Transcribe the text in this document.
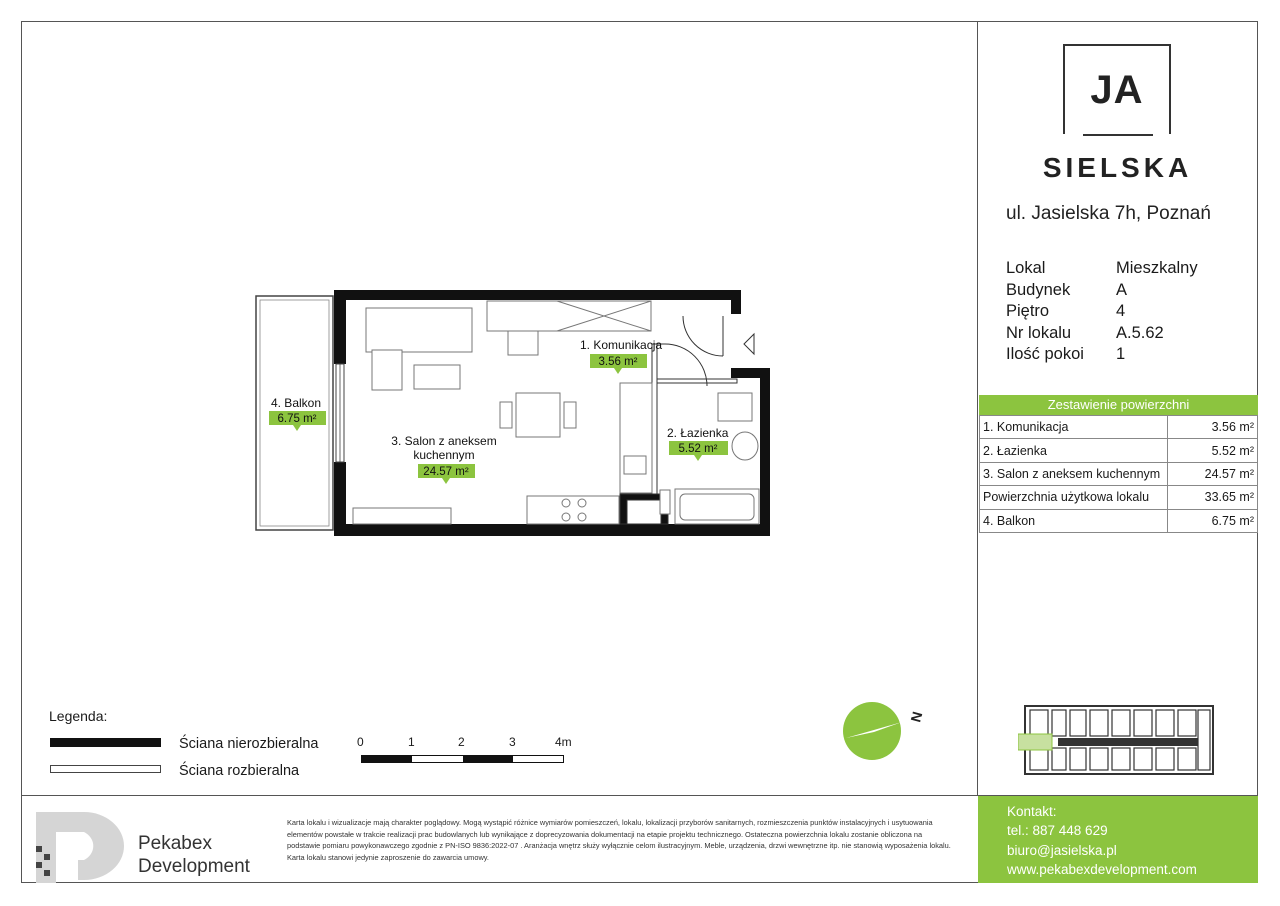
1. Komunikacja
3.56 m²
2. Łazienka
5.52 m²
3. Salon z aneksem
kuchennym
24.57 m²
4. Balkon
6.75 m²
JA
SIELSKA
ul. Jasielska 7h, Poznań
Lokal	Mieszkalny
Budynek	A
Piętro	4
Nr lokalu	A.5.62
Ilość pokoi	1
Zestawienie powierzchni
1. Komunikacja	3.56 m²
2. Łazienka	5.52 m²
3. Salon z aneksem kuchennym	24.57 m²
Powierzchnia użytkowa lokalu	33.65 m²
4. Balkon	6.75 m²
N
Legenda:
Ściana nierozbieralna
Ściana rozbieralna
0	1	2	3	4m
Pekabex
Development
Karta lokalu i wizualizacje mają charakter poglądowy. Mogą wystąpić różnice wymiarów pomieszczeń, lokalu, lokalizacji przyborów sanitarnych, rozmieszczenia punktów instalacyjnych i usytuowania elementów powstałe w trakcie realizacji prac budowlanych lub wynikające z doprecyzowania dokumentacji na etapie projektu technicznego. Ostateczna powierzchnia lokalu zostanie obliczona na podstawie pomiaru powykonawczego zgodnie z PN-ISO 9836:2022-07 . Aranżacja wnętrz służy wyłącznie celom ilustracyjnym. Meble, urządzenia, drzwi wewnętrzne itp. nie stanowią wyposażenia lokalu. Karta lokalu stanowi jedynie zaproszenie do zawarcia umowy.
Kontakt:
tel.: 887 448 629
biuro@jasielska.pl
www.pekabexdevelopment.com
